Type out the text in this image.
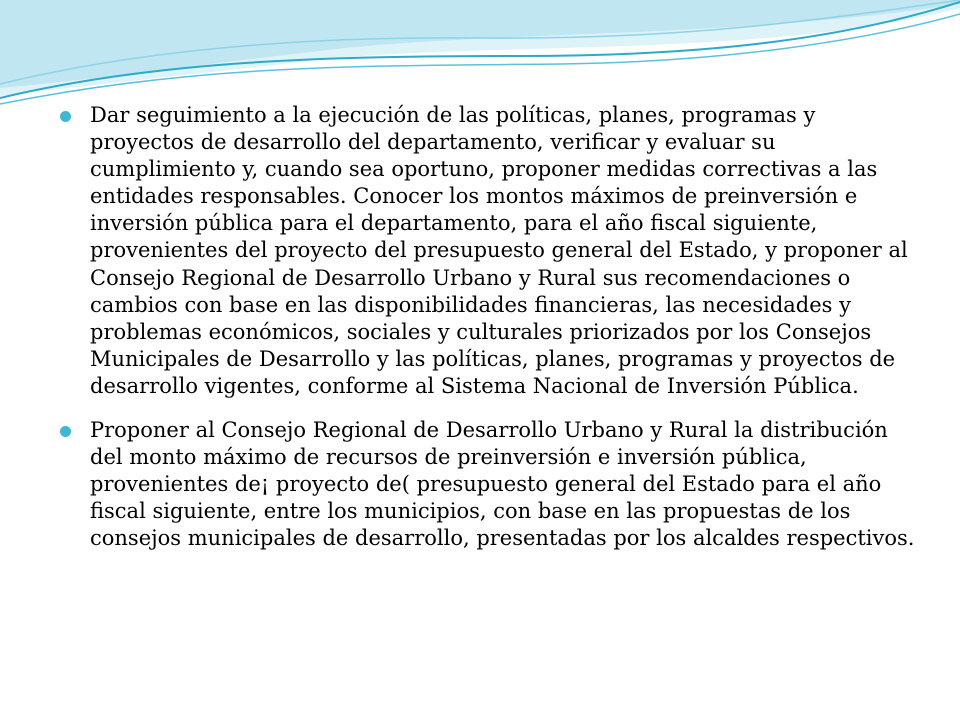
Dar seguimiento a la ejecución de las políticas, planes, programas y proyectos de desarrollo del departamento, verificar y evaluar su cumplimiento y, cuando sea oportuno, proponer medidas correctivas a las entidades responsables. Conocer los montos máximos de preinversión e inversión pública para el departamento, para el año fiscal siguiente, provenientes del proyecto del presupuesto general del Estado, y proponer al Consejo Regional de Desarrollo Urbano y Rural sus recomendaciones o cambios con base en las disponibilidades financieras, las necesidades y problemas económicos, sociales y culturales priorizados por los Consejos Municipales de Desarrollo y las políticas, planes, programas y proyectos de desarrollo vigentes, conforme al Sistema Nacional de Inversión Pública.
Proponer al Consejo Regional de Desarrollo Urbano y Rural la distribución del monto máximo de recursos de preinversión e inversión pública, provenientes de¡ proyecto de( presupuesto general del Estado para el año fiscal siguiente, entre los municipios, con base en las propuestas de los consejos municipales de desarrollo, presentadas por los alcaldes respectivos.
